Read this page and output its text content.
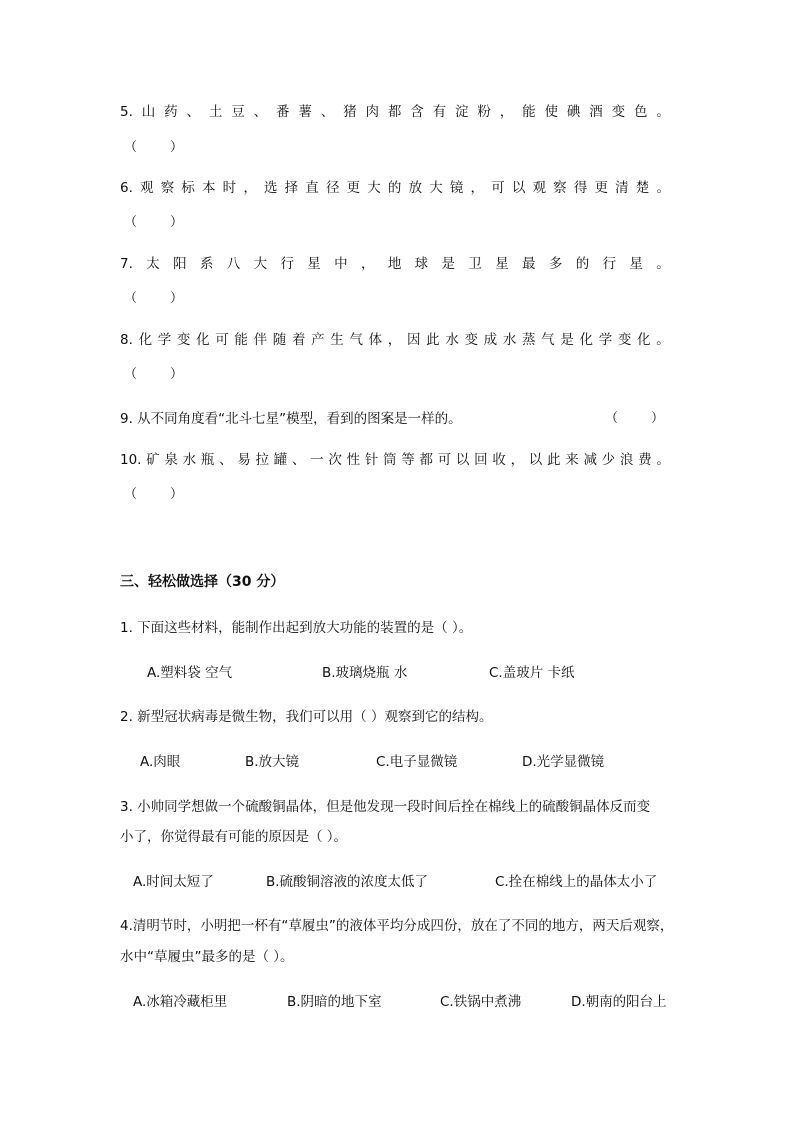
5. 山 药 、 土 豆 、 番 薯 、 猪 肉 都 含 有 淀 粉 ， 能 使 碘 酒 变 色 。
（        ）
6. 观 察 标 本 时 ， 选 择 直 径 更 大 的 放 大 镜 ， 可 以 观 察 得 更 清 楚 。
（        ）
7. 太 阳 系 八 大 行 星 中 ， 地 球 是 卫 星 最 多 的 行 星 。
（        ）
8. 化 学 变 化 可 能 伴 随 着 产 生 气 体 ， 因 此 水 变 成 水 蒸 气 是 化 学 变 化 。
（        ）
9. 从不同角度看“北斗七星”模型，看到的图案是一样的。	（        ）
10. 矿 泉 水 瓶 、 易 拉 罐 、 一 次 性 针 筒 等 都 可 以 回 收 ， 以 此 来 减 少 浪 费 。
（        ）
三、轻松做选择（30 分）
1. 下面这些材料，能制作出起到放大功能的装置的是（ ）。
A.塑料袋 空气	B.玻璃烧瓶 水	C.盖玻片 卡纸
2. 新型冠状病毒是微生物，我们可以用（ ）观察到它的结构。
A.肉眼	B.放大镜	C.电子显微镜	D.光学显微镜
3. 小帅同学想做一个硫酸铜晶体，但是他发现一段时间后拴在棉线上的硫酸铜晶体反而变
小了，你觉得最有可能的原因是（ ）。
A.时间太短了	B.硫酸铜溶液的浓度太低了	C.拴在棉线上的晶体太小了
4.清明节时，小明把一杯有“草履虫”的液体平均分成四份，放在了不同的地方，两天后观察，
水中“草履虫”最多的是（ ）。
A.冰箱冷藏柜里	B.阴暗的地下室	C.铁锅中煮沸	D.朝南的阳台上
